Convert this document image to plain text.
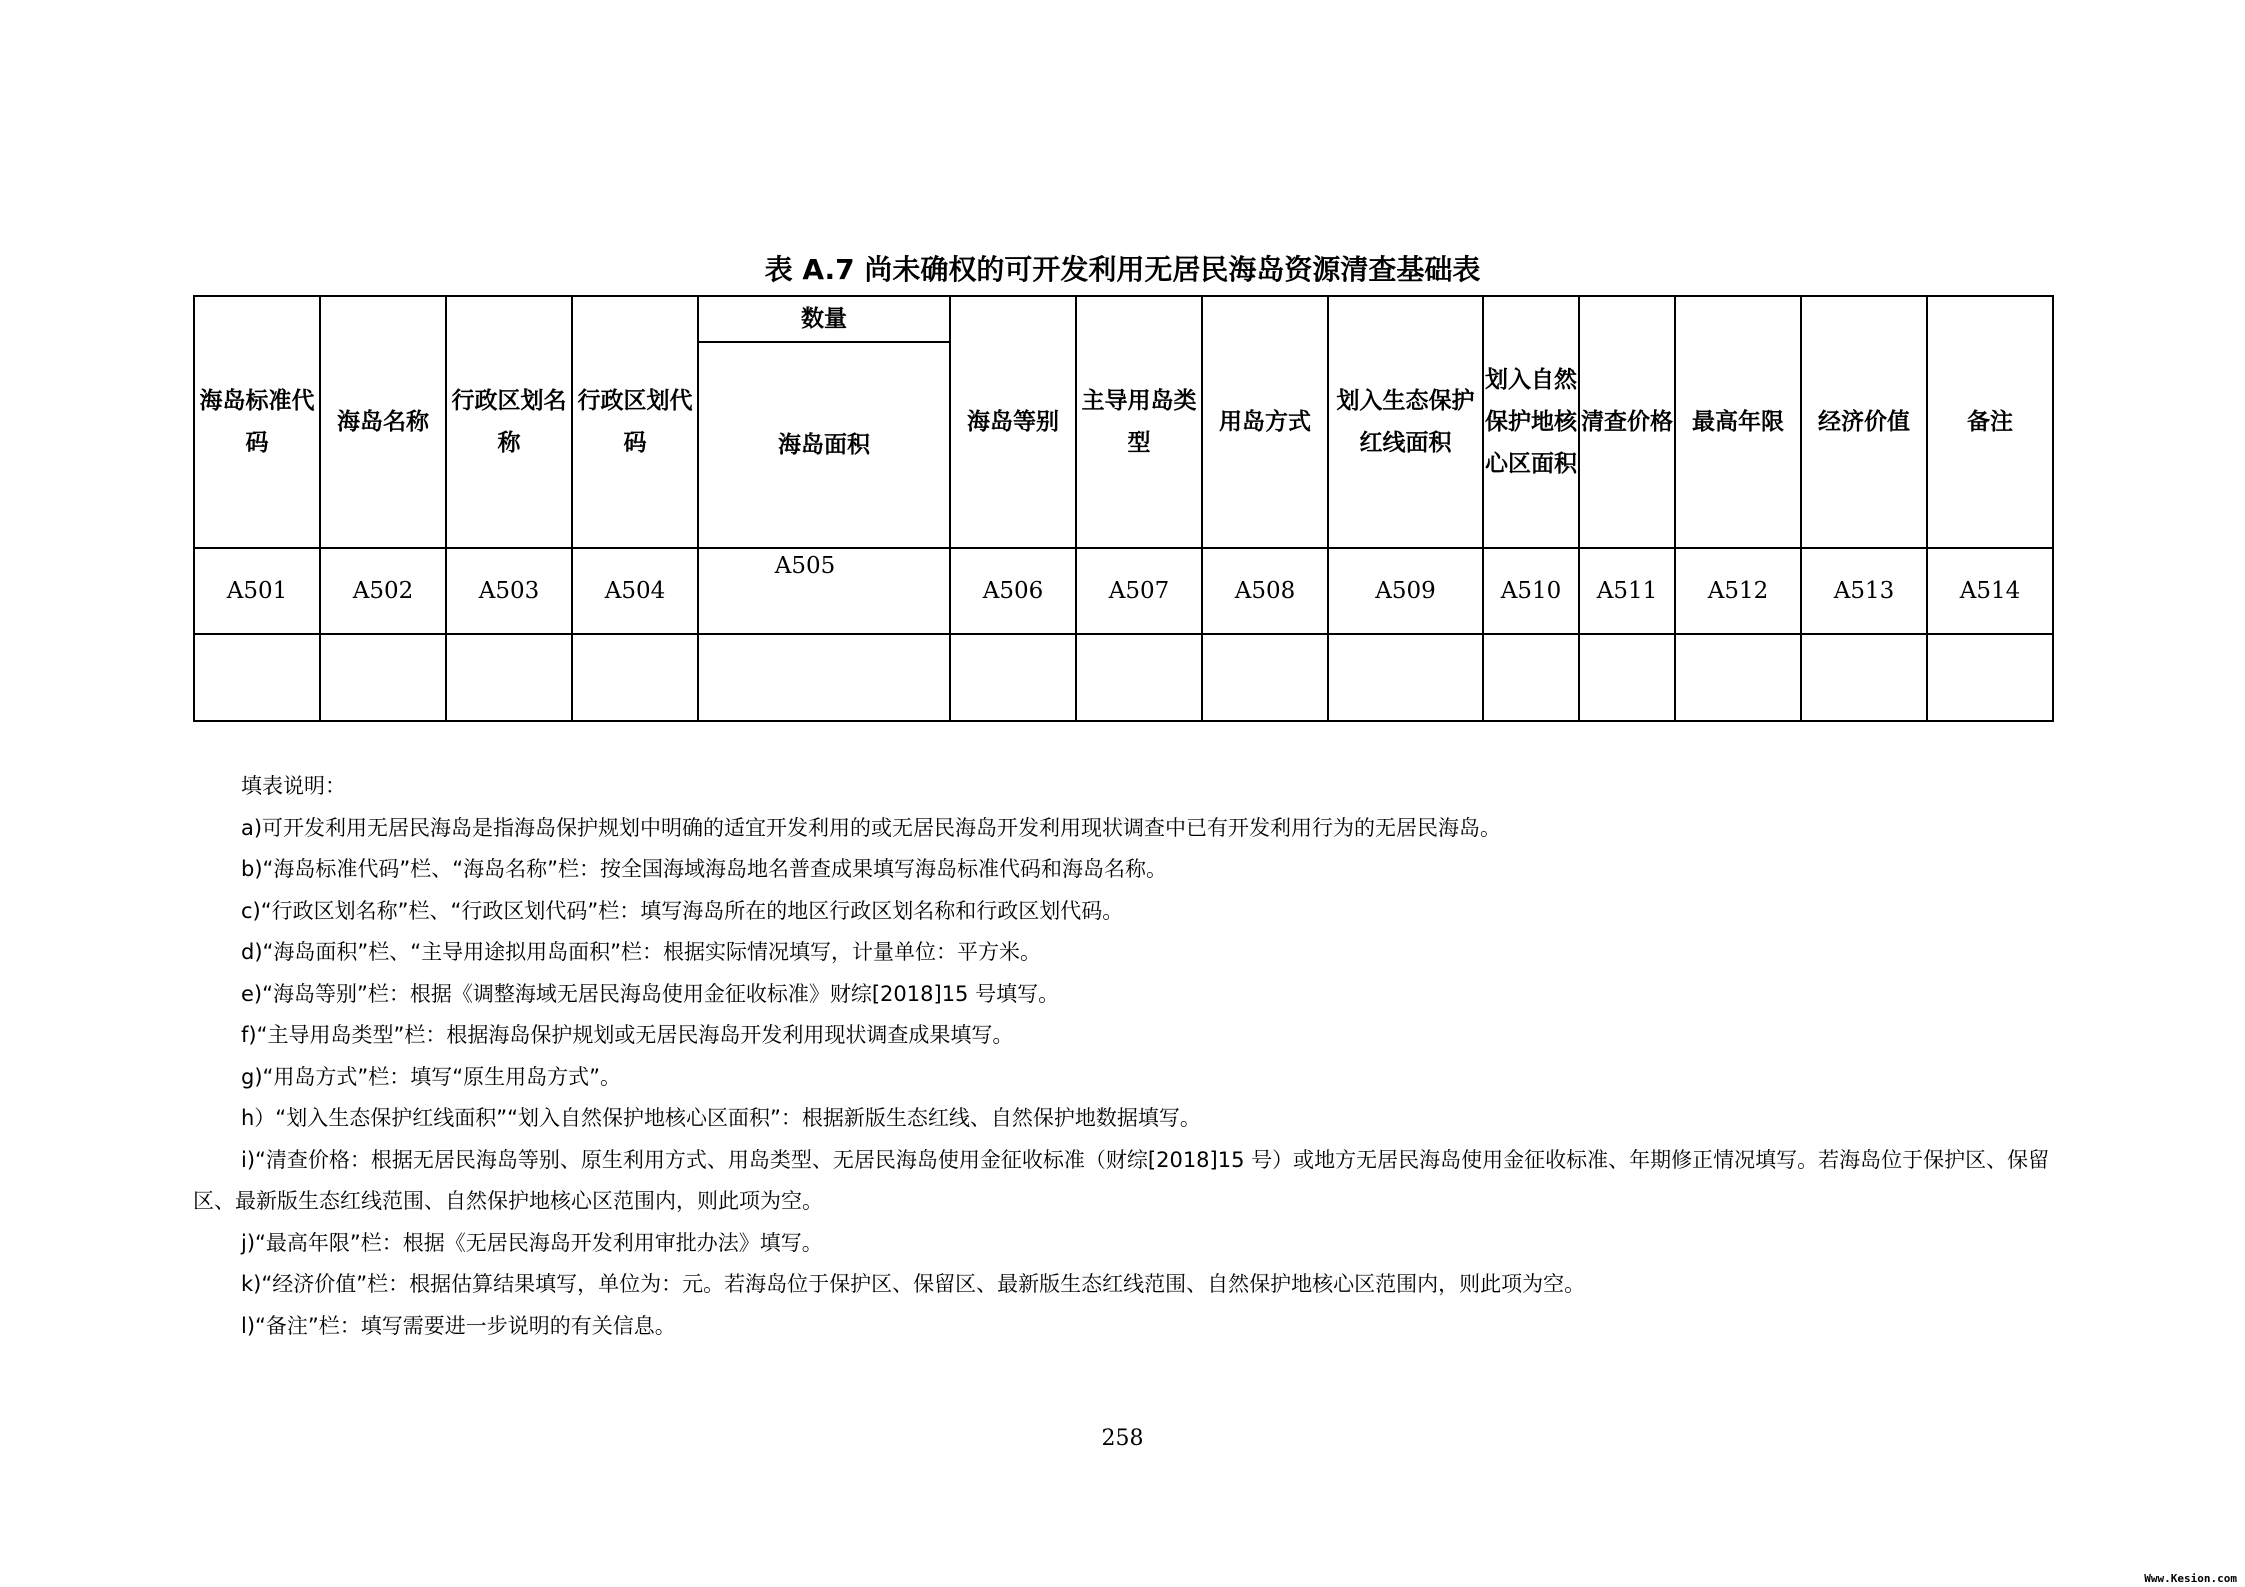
表 A.7 尚未确权的可开发利用无居民海岛资源清查基础表
海岛标准代码	海岛名称	行政区划名称	行政区划代码	数量	海岛等别	主导用岛类型	用岛方式	划入生态保护红线面积	划入自然保护地核心区面积	清查价格	最高年限	经济价值	备注
				海岛面积									
A501	A502	A503	A504	A505	A506	A507	A508	A509	A510	A511	A512	A513	A514

填表说明：
a)可开发利用无居民海岛是指海岛保护规划中明确的适宜开发利用的或无居民海岛开发利用现状调查中已有开发利用行为的无居民海岛。
b)“海岛标准代码”栏、“海岛名称”栏：按全国海域海岛地名普查成果填写海岛标准代码和海岛名称。
c)“行政区划名称”栏、“行政区划代码”栏：填写海岛所在的地区行政区划名称和行政区划代码。
d)“海岛面积”栏、“主导用途拟用岛面积”栏：根据实际情况填写，计量单位：平方米。
e)“海岛等别”栏：根据《调整海域无居民海岛使用金征收标准》财综[2018]15 号填写。
f)“主导用岛类型”栏：根据海岛保护规划或无居民海岛开发利用现状调查成果填写。
g)“用岛方式”栏：填写“原生用岛方式”。
h）“划入生态保护红线面积”“划入自然保护地核心区面积”：根据新版生态红线、自然保护地数据填写。
i)“清查价格：根据无居民海岛等别、原生利用方式、用岛类型、无居民海岛使用金征收标准（财综[2018]15 号）或地方无居民海岛使用金征收标准、年期修正情况填写。若海岛位于保护区、保留区、最新版生态红线范围、自然保护地核心区范围内，则此项为空。
j)“最高年限”栏：根据《无居民海岛开发利用审批办法》填写。
k)“经济价值”栏：根据估算结果填写，单位为：元。若海岛位于保护区、保留区、最新版生态红线范围、自然保护地核心区范围内，则此项为空。
l)“备注”栏：填写需要进一步说明的有关信息。
258
Www.Kesion.com
